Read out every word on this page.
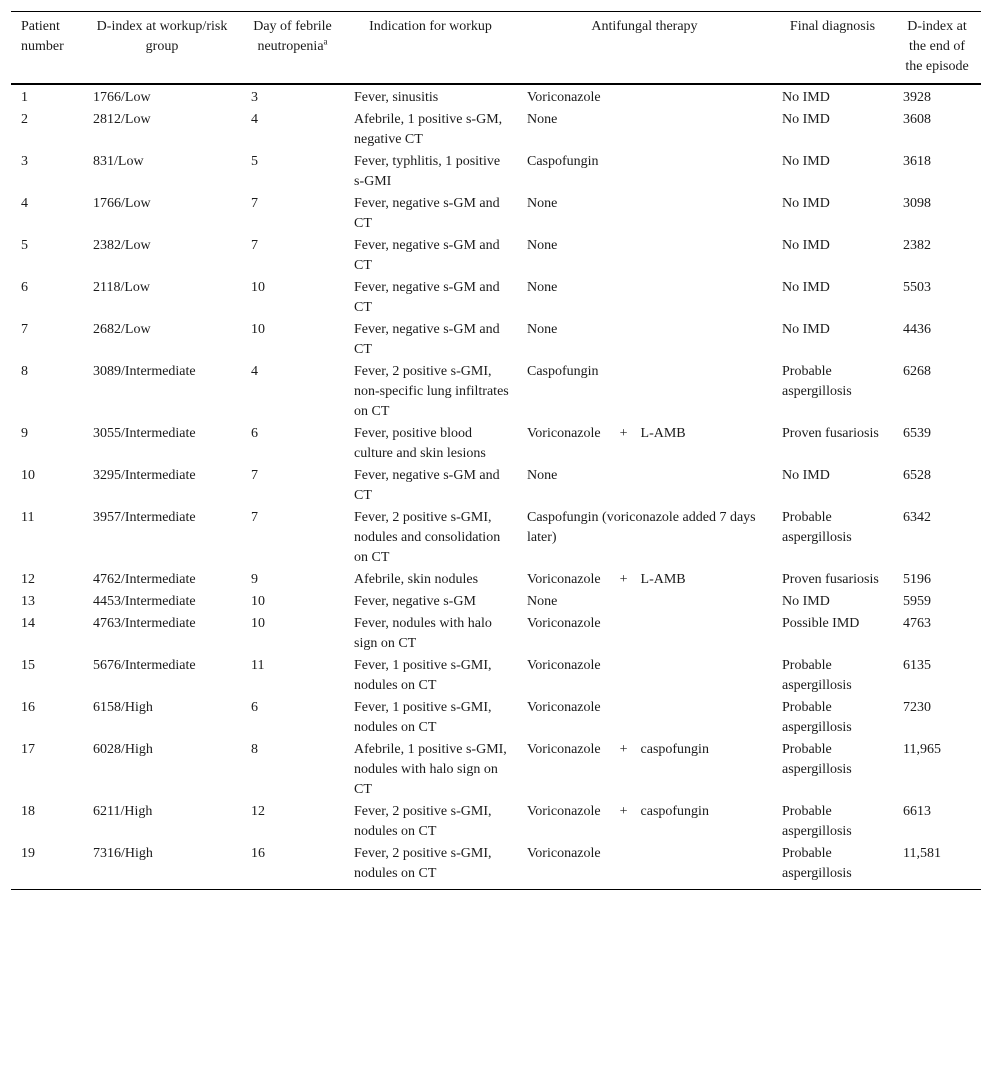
Patient number	D-index at workup/risk group	Day of febrile neutropenia$^a$	Indication for workup	Antifungal therapy	Final diagnosis	D-index at the end of the episode
1	1766/Low	3	Fever, sinusitis	Voriconazole	No IMD	3928
2	2812/Low	4	Afebrile, 1 positive s-GM, negative CT	None	No IMD	3608
3	831/Low	5	Fever, typhlitis, 1 positive s-GMI	Caspofungin	No IMD	3618
4	1766/Low	7	Fever, negative s-GM and CT	None	No IMD	3098
5	2382/Low	7	Fever, negative s-GM and CT	None	No IMD	2382
6	2118/Low	10	Fever, negative s-GM and CT	None	No IMD	5503
7	2682/Low	10	Fever, negative s-GM and CT	None	No IMD	4436
8	3089/Intermediate	4	Fever, 2 positive s-GMI, non-specific lung infiltrates on CT	Caspofungin	Probable aspergillosis	6268
9	3055/Intermediate	6	Fever, positive blood culture and skin lesions	Voriconazole + L-AMB	Proven fusariosis	6539
10	3295/Intermediate	7	Fever, negative s-GM and CT	None	No IMD	6528
11	3957/Intermediate	7	Fever, 2 positive s-GMI, nodules and consolidation on CT	Caspofungin (voriconazole added 7 days later)	Probable aspergillosis	6342
12	4762/Intermediate	9	Afebrile, skin nodules	Voriconazole + L-AMB	Proven fusariosis	5196
13	4453/Intermediate	10	Fever, negative s-GM	None	No IMD	5959
14	4763/Intermediate	10	Fever, nodules with halo sign on CT	Voriconazole	Possible IMD	4763
15	5676/Intermediate	11	Fever, 1 positive s-GMI, nodules on CT	Voriconazole	Probable aspergillosis	6135
16	6158/High	6	Fever, 1 positive s-GMI, nodules on CT	Voriconazole	Probable aspergillosis	7230
17	6028/High	8	Afebrile, 1 positive s-GMI, nodules with halo sign on CT	Voriconazole + caspofungin	Probable aspergillosis	11,965
18	6211/High	12	Fever, 2 positive s-GMI, nodules on CT	Voriconazole + caspofungin	Probable aspergillosis	6613
19	7316/High	16	Fever, 2 positive s-GMI, nodules on CT	Voriconazole	Probable aspergillosis	11,581
